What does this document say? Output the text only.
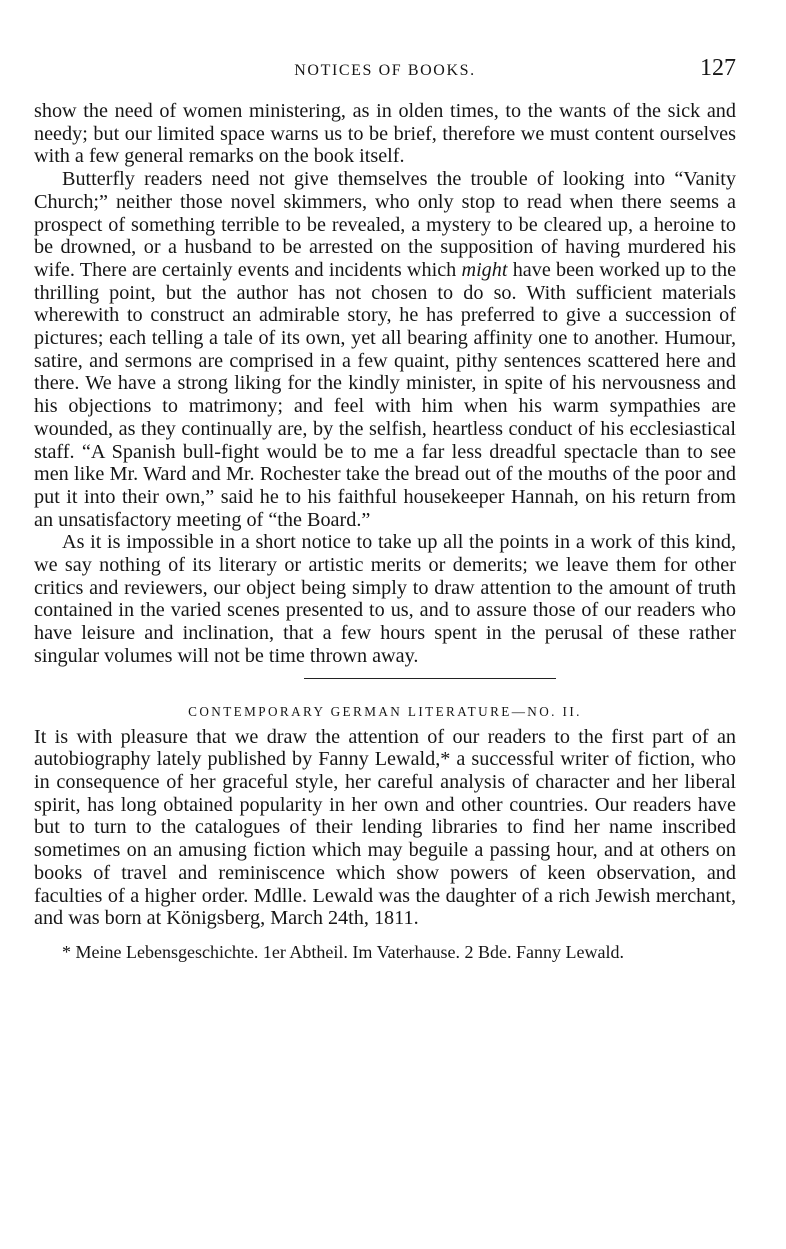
NOTICES OF BOOKS.	127

show the need of women ministering, as in olden times, to the wants of the sick and needy; but our limited space warns us to be brief, therefore we must content ourselves with a few general remarks on the book itself.

Butterfly readers need not give themselves the trouble of looking into “Vanity Church;” neither those novel skimmers, who only stop to read when there seems a prospect of something terrible to be revealed, a mystery to be cleared up, a heroine to be drowned, or a husband to be arrested on the supposition of having murdered his wife. There are certainly events and incidents which might have been worked up to the thrilling point, but the author has not chosen to do so. With sufficient materials wherewith to construct an admirable story, he has preferred to give a succession of pictures; each telling a tale of its own, yet all bearing affinity one to another. Humour, satire, and sermons are comprised in a few quaint, pithy sentences scattered here and there. We have a strong liking for the kindly minister, in spite of his nervousness and his objections to matrimony; and feel with him when his warm sympathies are wounded, as they continually are, by the selfish, heartless conduct of his ecclesiastical staff. “A Spanish bull-fight would be to me a far less dreadful spectacle than to see men like Mr. Ward and Mr. Rochester take the bread out of the mouths of the poor and put it into their own,” said he to his faithful housekeeper Hannah, on his return from an unsatisfactory meeting of “the Board.”

As it is impossible in a short notice to take up all the points in a work of this kind, we say nothing of its literary or artistic merits or demerits; we leave them for other critics and reviewers, our object being simply to draw attention to the amount of truth contained in the varied scenes presented to us, and to assure those of our readers who have leisure and inclination, that a few hours spent in the perusal of these rather singular volumes will not be time thrown away.

CONTEMPORARY GERMAN LITERATURE—NO. II.

It is with pleasure that we draw the attention of our readers to the first part of an autobiography lately published by Fanny Lewald,* a successful writer of fiction, who in consequence of her graceful style, her careful analysis of character and her liberal spirit, has long obtained popularity in her own and other countries. Our readers have but to turn to the catalogues of their lending libraries to find her name inscribed sometimes on an amusing fiction which may beguile a passing hour, and at others on books of travel and reminiscence which show powers of keen observation, and faculties of a higher order. Mdlle. Lewald was the daughter of a rich Jewish merchant, and was born at Königsberg, March 24th, 1811.

* Meine Lebensgeschichte. 1er Abtheil. Im Vaterhause. 2 Bde. Fanny Lewald.
